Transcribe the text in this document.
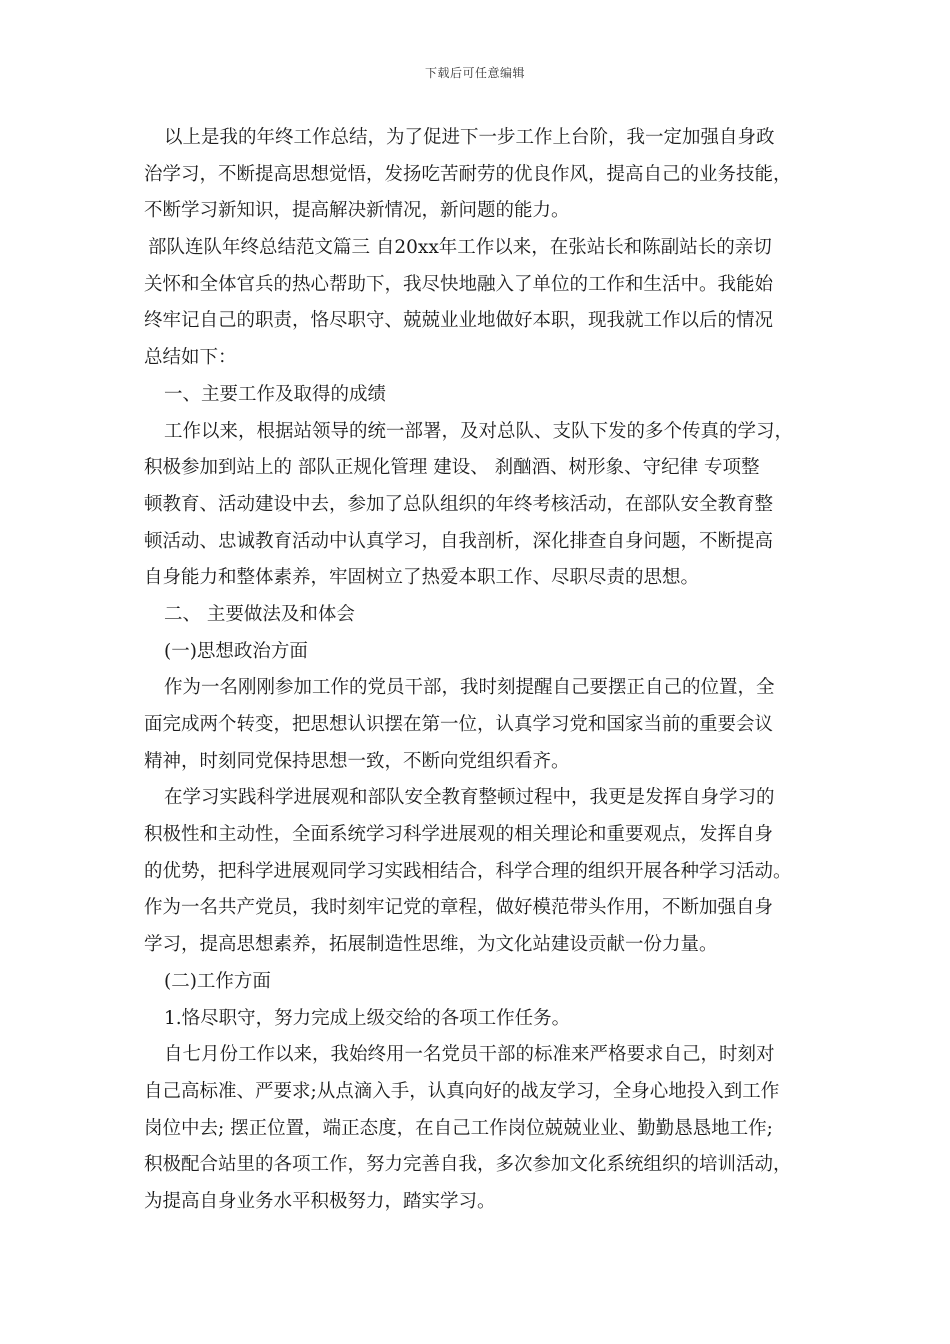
下载后可任意编辑
以上是我的年终工作总结，为了促进下一步工作上台阶，我一定加强自身政
治学习，不断提高思想觉悟，发扬吃苦耐劳的优良作风，提高自己的业务技能，
不断学习新知识，提高解决新情况，新问题的能力。
部队连队年终总结范文篇三 自20xx年工作以来，在张站长和陈副站长的亲切
关怀和全体官兵的热心帮助下，我尽快地融入了单位的工作和生活中。我能始
终牢记自己的职责，恪尽职守、兢兢业业地做好本职，现我就工作以后的情况
总结如下：
一、主要工作及取得的成绩
工作以来，根据站领导的统一部署，及对总队、支队下发的多个传真的学习，
积极参加到站上的 部队正规化管理 建设、 刹酗酒、树形象、守纪律 专项整
顿教育、活动建设中去，参加了总队组织的年终考核活动，在部队安全教育整
顿活动、忠诚教育活动中认真学习，自我剖析，深化排查自身问题，不断提高
自身能力和整体素养，牢固树立了热爱本职工作、尽职尽责的思想。
二、 主要做法及和体会
(一)思想政治方面
作为一名刚刚参加工作的党员干部，我时刻提醒自己要摆正自己的位置，全
面完成两个转变，把思想认识摆在第一位，认真学习党和国家当前的重要会议
精神，时刻同党保持思想一致，不断向党组织看齐。
在学习实践科学进展观和部队安全教育整顿过程中，我更是发挥自身学习的
积极性和主动性，全面系统学习科学进展观的相关理论和重要观点，发挥自身
的优势，把科学进展观同学习实践相结合，科学合理的组织开展各种学习活动。
作为一名共产党员，我时刻牢记党的章程，做好模范带头作用，不断加强自身
学习，提高思想素养，拓展制造性思维，为文化站建设贡献一份力量。
(二)工作方面
1.恪尽职守，努力完成上级交给的各项工作任务。
自七月份工作以来，我始终用一名党员干部的标准来严格要求自己，时刻对
自己高标准、严要求;从点滴入手，认真向好的战友学习，全身心地投入到工作
岗位中去; 摆正位置，端正态度，在自己工作岗位兢兢业业、勤勤恳恳地工作;
积极配合站里的各项工作，努力完善自我，多次参加文化系统组织的培训活动，
为提高自身业务水平积极努力，踏实学习。
